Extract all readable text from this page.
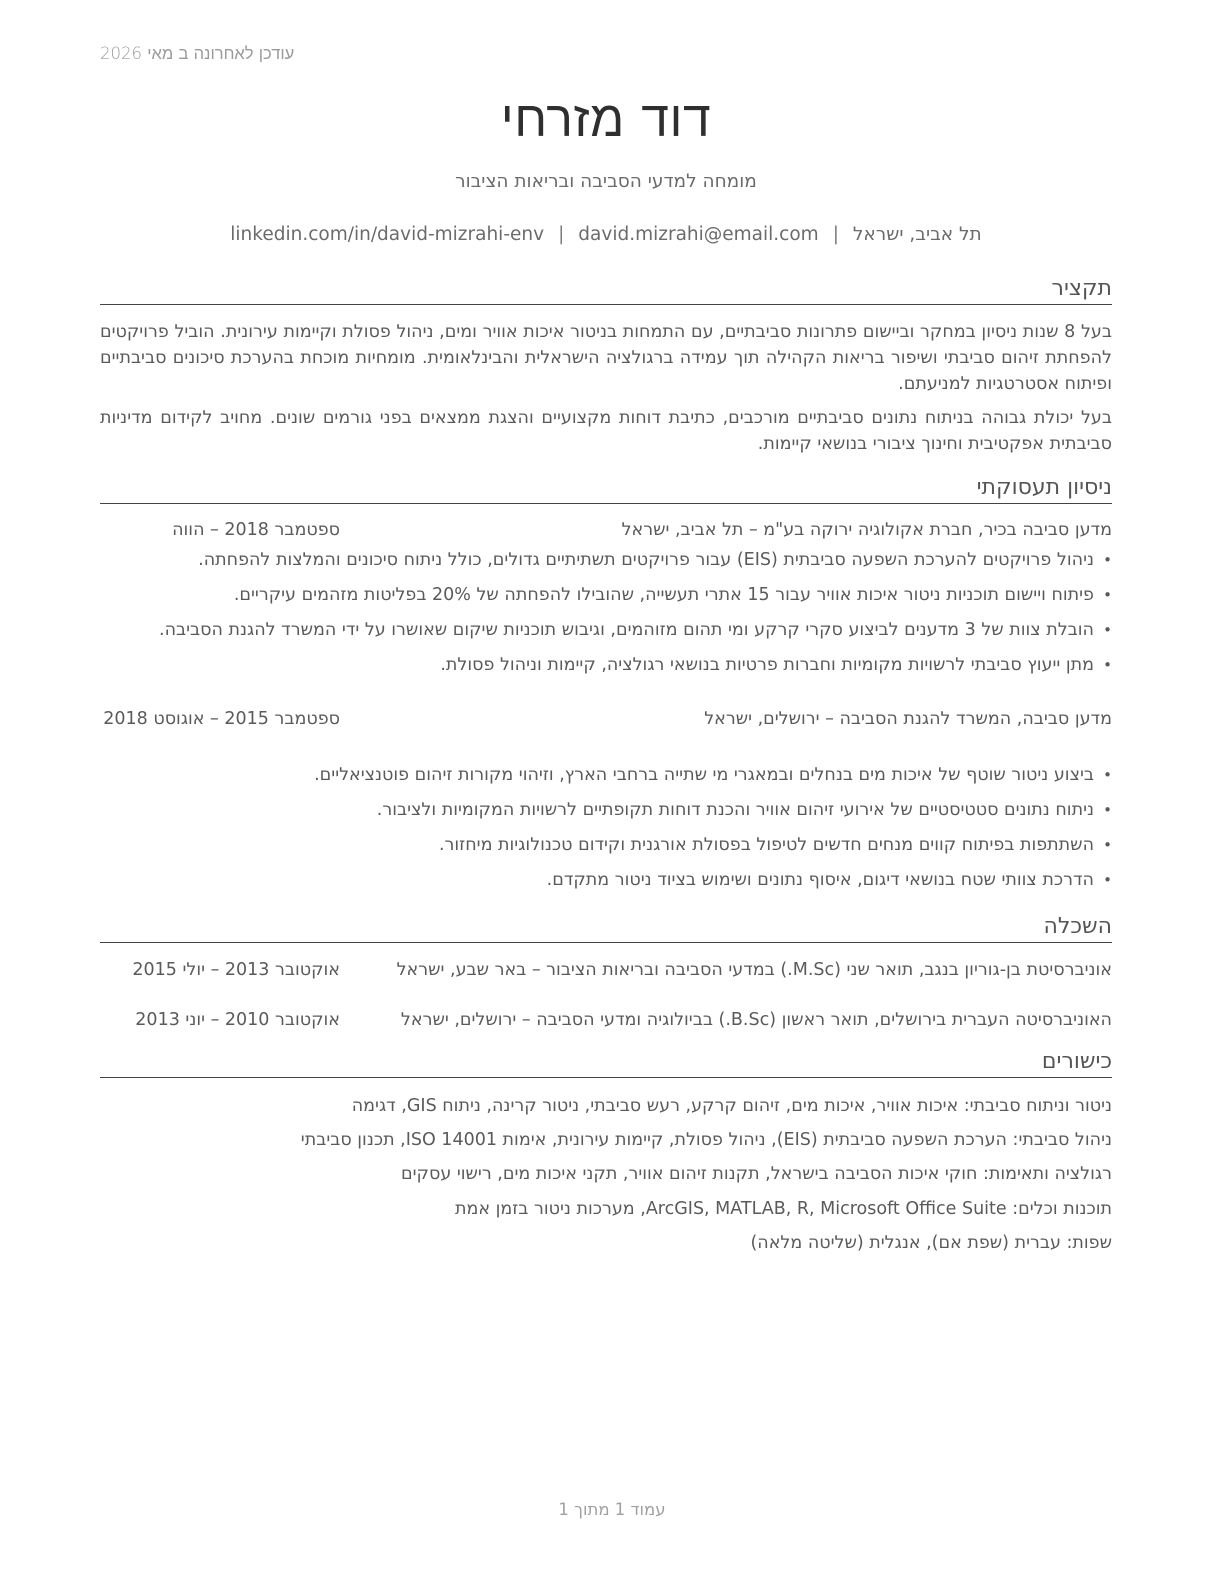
עודכן לאחרונה ב מאי 2026
דוד מזרחי
מומחה למדעי הסביבה ובריאות הציבור
תל אביב, ישראל|david.mizrahi@email.com|linkedin.com/in/david-mizrahi-env
תקציר
בעל 8 שנות ניסיון במחקר וביישום פתרונות סביבתיים, עם התמחות בניטור איכות אוויר ומים, ניהול פסולת וקיימות עירונית. הוביל פרויקטים להפחתת זיהום סביבתי ושיפור בריאות הקהילה תוך עמידה ברגולציה הישראלית והבינלאומית. מומחיות מוכחת בהערכת סיכונים סביבתיים ופיתוח אסטרטגיות למניעתם.
בעל יכולת גבוהה בניתוח נתונים סביבתיים מורכבים, כתיבת דוחות מקצועיים והצגת ממצאים בפני גורמים שונים. מחויב לקידום מדיניות סביבתית אפקטיבית וחינוך ציבורי בנושאי קיימות.
ניסיון תעסוקתי
מדען סביבה בכיר, חברת אקולוגיה ירוקה בע"מ – תל אביב, ישראל
ספטמבר 2018 – הווה
•
ניהול פרויקטים להערכת השפעה סביבתית (EIS) עבור פרויקטים תשתיתיים גדולים, כולל ניתוח סיכונים והמלצות להפחתה.
•
פיתוח ויישום תוכניות ניטור איכות אוויר עבור 15 אתרי תעשייה, שהובילו להפחתה של 20% בפליטות מזהמים עיקריים.
•
הובלת צוות של 3 מדענים לביצוע סקרי קרקע ומי תהום מזוהמים, וגיבוש תוכניות שיקום שאושרו על ידי המשרד להגנת הסביבה.
•
מתן ייעוץ סביבתי לרשויות מקומיות וחברות פרטיות בנושאי רגולציה, קיימות וניהול פסולת.
מדען סביבה, המשרד להגנת הסביבה – ירושלים, ישראל
ספטמבר 2015 – אוגוסט 2018
•
ביצוע ניטור שוטף של איכות מים בנחלים ובמאגרי מי שתייה ברחבי הארץ, וזיהוי מקורות זיהום פוטנציאליים.
•
ניתוח נתונים סטטיסטיים של אירועי זיהום אוויר והכנת דוחות תקופתיים לרשויות המקומיות ולציבור.
•
השתתפות בפיתוח קווים מנחים חדשים לטיפול בפסולת אורגנית וקידום טכנולוגיות מיחזור.
•
הדרכת צוותי שטח בנושאי דיגום, איסוף נתונים ושימוש בציוד ניטור מתקדם.
השכלה
אוניברסיטת בן-גוריון בנגב, תואר שני (M.Sc.) במדעי הסביבה ובריאות הציבור – באר שבע, ישראל
אוקטובר 2013 – יולי 2015
האוניברסיטה העברית בירושלים, תואר ראשון (B.Sc.) בביולוגיה ומדעי הסביבה – ירושלים, ישראל
אוקטובר 2010 – יוני 2013
כישורים
ניטור וניתוח סביבתי: איכות אוויר, איכות מים, זיהום קרקע, רעש סביבתי, ניטור קרינה, ניתוח GIS, דגימה
ניהול סביבתי: הערכת השפעה סביבתית (EIS), ניהול פסולת, קיימות עירונית, אימות ISO 14001, תכנון סביבתי
רגולציה ותאימות: חוקי איכות הסביבה בישראל, תקנות זיהום אוויר, תקני איכות מים, רישוי עסקים
תוכנות וכלים: ArcGIS, MATLAB, R, Microsoft Office Suite, מערכות ניטור בזמן אמת
שפות: עברית (שפת אם), אנגלית (שליטה מלאה)
עמוד 1 מתוך 1
